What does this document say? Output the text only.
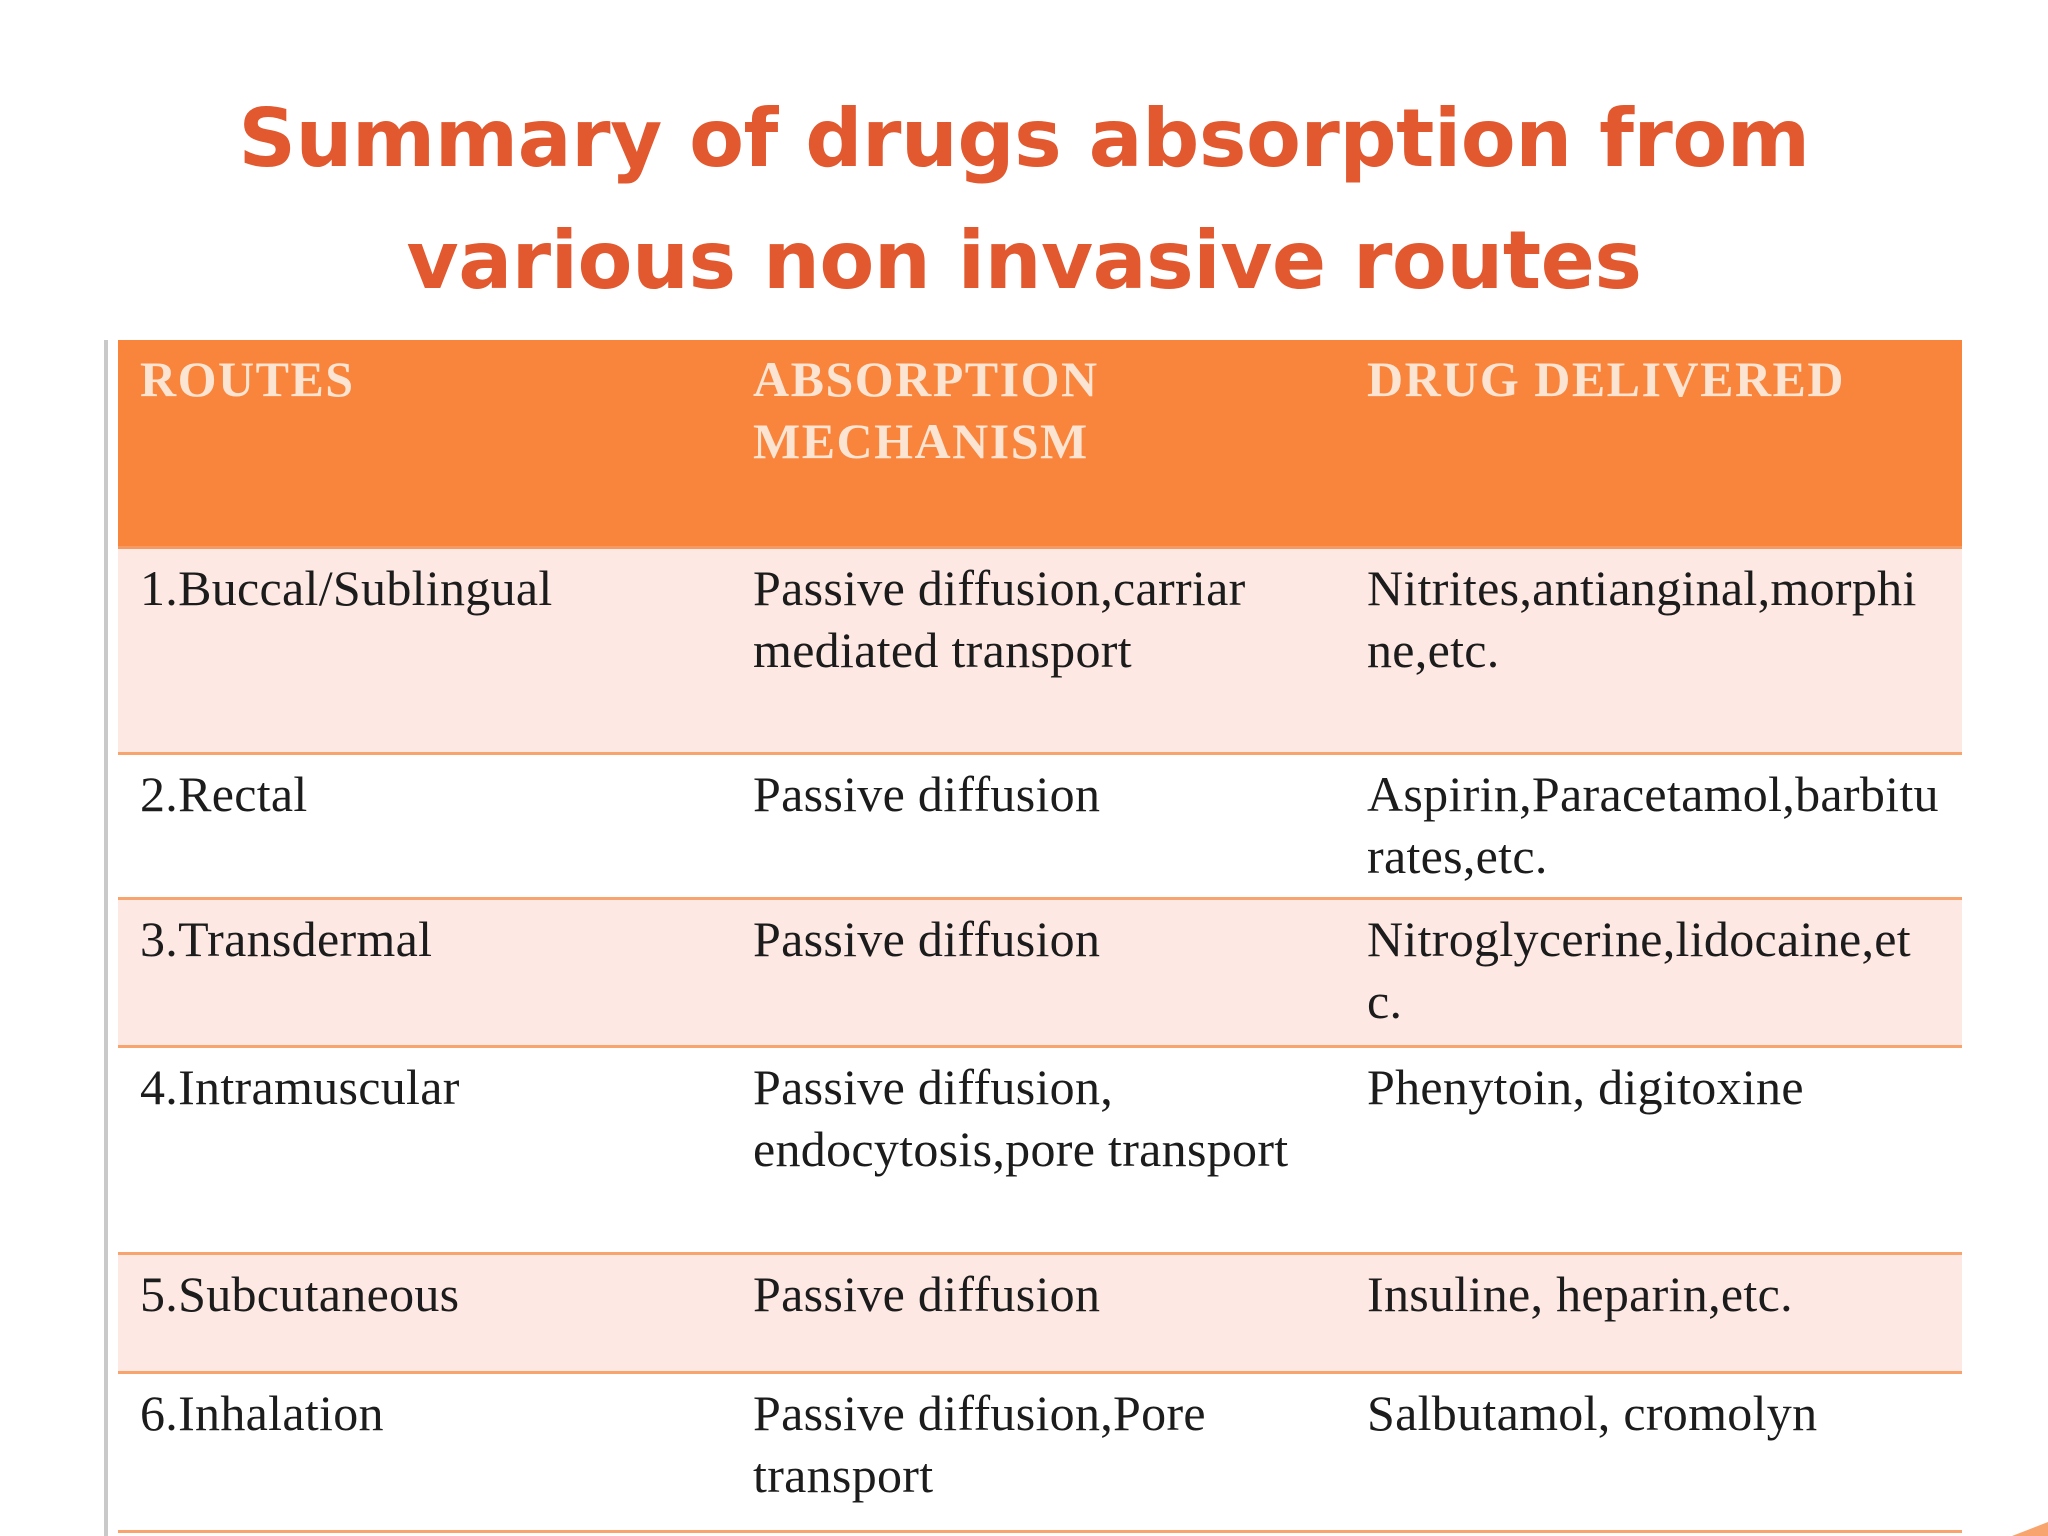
Summary of drugs absorption from
various non invasive routes
ROUTES	ABSORPTION MECHANISM	DRUG DELIVERED
1.Buccal/Sublingual	Passive diffusion,carriar mediated transport	Nitrites,antianginal,morphine,etc.
2.Rectal	Passive diffusion	Aspirin,Paracetamol,barbiturates,etc.
3.Transdermal	Passive diffusion	Nitroglycerine,lidocaine,etc.
4.Intramuscular	Passive diffusion, endocytosis,pore transport	Phenytoin, digitoxine
5.Subcutaneous	Passive diffusion	Insuline, heparin,etc.
6.Inhalation	Passive diffusion,Pore transport	Salbutamol, cromolyn
